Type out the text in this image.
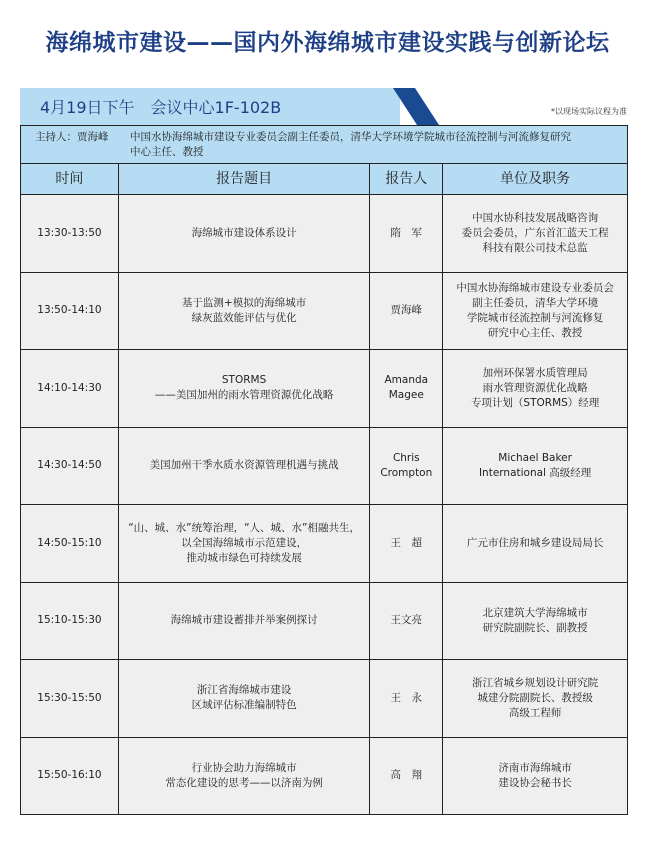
海绵城市建设——国内外海绵城市建设实践与创新论坛
4月19日下午　会议中心1F-102B	*以现场实际议程为准
主持人：贾海峰 中国水协海绵城市建设专业委员会副主任委员，清华大学环境学院城市径流控制与河流修复研究中心主任、教授			
时间	报告题目	报告人	单位及职务
13:30-13:50	海绵城市建设体系设计	隋　军	中国水协科技发展战略咨询
委员会委员，广东首汇蓝天工程
科技有限公司技术总监
13:50-14:10	基于监测+模拟的海绵城市
绿灰蓝效能评估与优化	贾海峰	中国水协海绵城市建设专业委员会
副主任委员，清华大学环境
学院城市径流控制与河流修复
研究中心主任、教授
14:10-14:30	STORMS
——美国加州的雨水管理资源优化战略	Amanda
Magee	加州环保署水质管理局
雨水管理资源优化战略
专项计划（STORMS）经理
14:30-14:50	美国加州干季水质水资源管理机遇与挑战	Chris
Crompton	Michael Baker
International 高级经理
14:50-15:10	“山、城、水”统筹治理，“人、城、水”相融共生，
以全国海绵城市示范建设，
推动城市绿色可持续发展	王　超	广元市住房和城乡建设局局长
15:10-15:30	海绵城市建设蓄排并举案例探讨	王文亮	北京建筑大学海绵城市
研究院副院长、副教授
15:30-15:50	浙江省海绵城市建设
区域评估标准编制特色	王　永	浙江省城乡规划设计研究院
城建分院副院长、教授级
高级工程师
15:50-16:10	行业协会助力海绵城市
常态化建设的思考——以济南为例	高　翔	济南市海绵城市
建设协会秘书长
